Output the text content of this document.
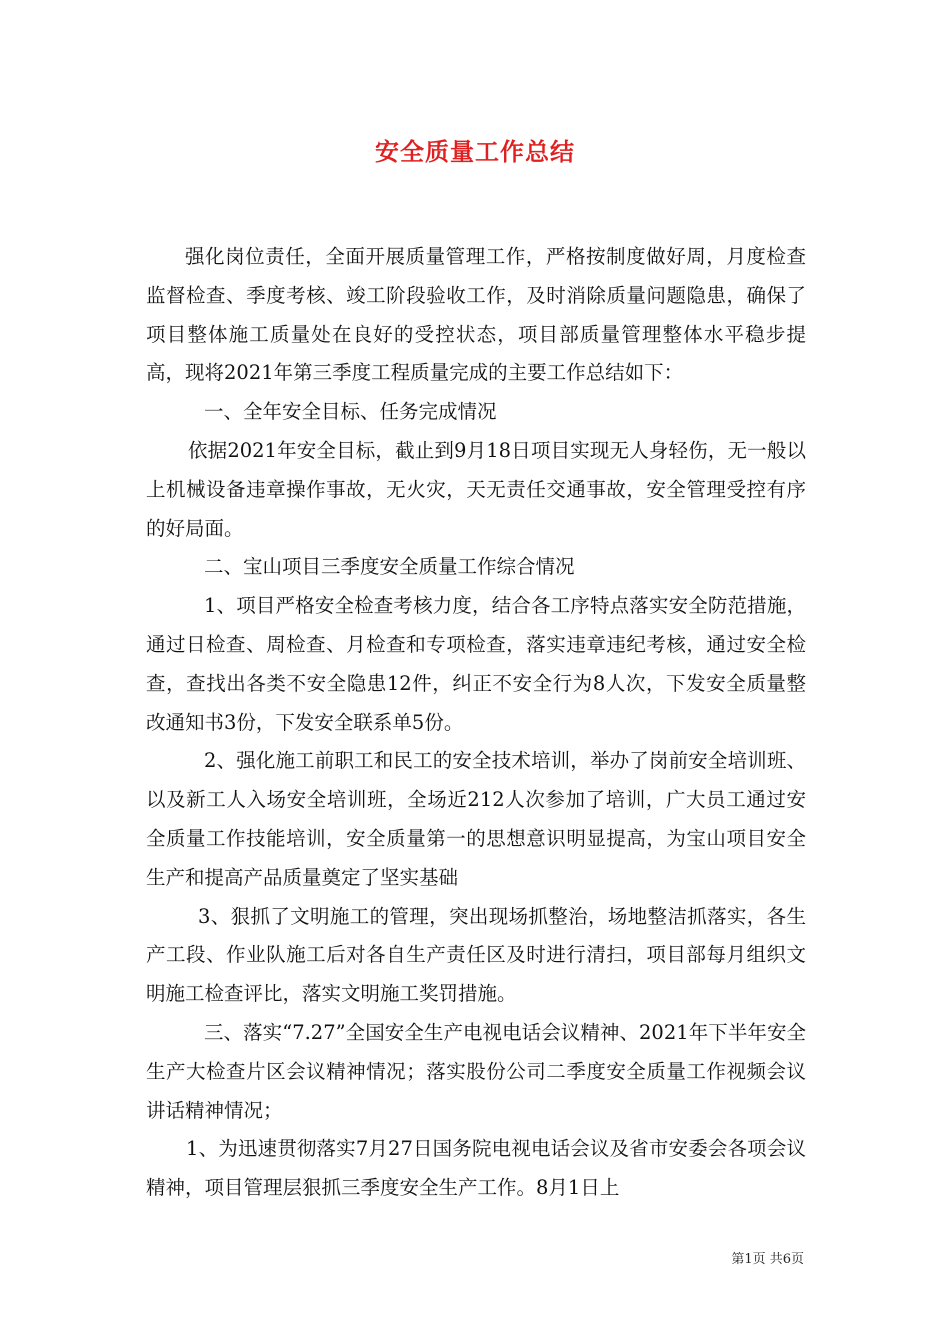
安全质量工作总结

强化岗位责任，全面开展质量管理工作，严格按制度做好周，月度检查监督检查、季度考核、竣工阶段验收工作，及时消除质量问题隐患，确保了项目整体施工质量处在良好的受控状态，项目部质量管理整体水平稳步提高，现将2021年第三季度工程质量完成的主要工作总结如下：

一、全年安全目标、任务完成情况

依据2021年安全目标，截止到9月18日项目实现无人身轻伤，无一般以上机械设备违章操作事故，无火灾，天无责任交通事故，安全管理受控有序的好局面。

二、宝山项目三季度安全质量工作综合情况

1、项目严格安全检查考核力度，结合各工序特点落实安全防范措施，通过日检查、周检查、月检查和专项检查，落实违章违纪考核，通过安全检查，查找出各类不安全隐患12件，纠正不安全行为8人次，下发安全质量整改通知书3份，下发安全联系单5份。

2、强化施工前职工和民工的安全技术培训，举办了岗前安全培训班、以及新工人入场安全培训班，全场近212人次参加了培训，广大员工通过安全质量工作技能培训，安全质量第一的思想意识明显提高，为宝山项目安全生产和提高产品质量奠定了坚实基础

3、狠抓了文明施工的管理，突出现场抓整治，场地整洁抓落实，各生产工段、作业队施工后对各自生产责任区及时进行清扫，项目部每月组织文明施工检查评比，落实文明施工奖罚措施。

三、落实“7.27”全国安全生产电视电话会议精神、2021年下半年安全生产大检查片区会议精神情况；落实股份公司二季度安全质量工作视频会议讲话精神情况；

1、为迅速贯彻落实7月27日国务院电视电话会议及省市安委会各项会议精神，项目管理层狠抓三季度安全生产工作。8月1日上

第1页 共6页
